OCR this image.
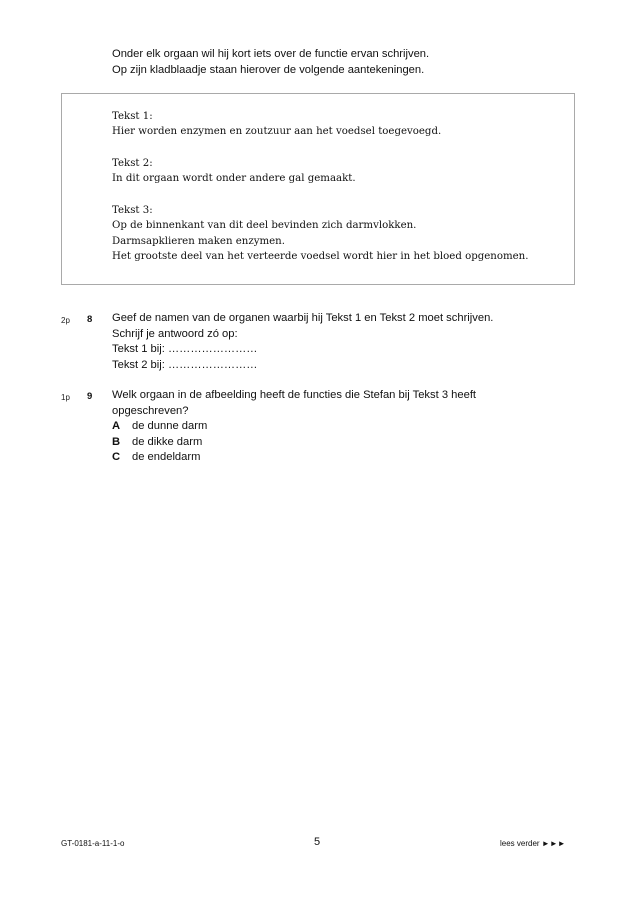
Onder elk orgaan wil hij kort iets over de functie ervan schrijven.
Op zijn kladblaadje staan hierover de volgende aantekeningen.
Tekst 1:
Hier worden enzymen en zoutzuur aan het voedsel toegevoegd.
Tekst 2:
In dit orgaan wordt onder andere gal gemaakt.
Tekst 3:
Op de binnenkant van dit deel bevinden zich darmvlokken.
Darmsapklieren maken enzymen.
Het grootste deel van het verteerde voedsel wordt hier in het bloed opgenomen.
2p 8 Geef de namen van de organen waarbij hij Tekst 1 en Tekst 2 moet schrijven.
Schrijf je antwoord zó op:
Tekst 1 bij: ……………………
Tekst 2 bij: ……………………
1p 9 Welk orgaan in de afbeelding heeft de functies die Stefan bij Tekst 3 heeft
opgeschreven?
A de dunne darm
B de dikke darm
C de endeldarm
GT-0181-a-11-1-o	5	lees verder ►►►
